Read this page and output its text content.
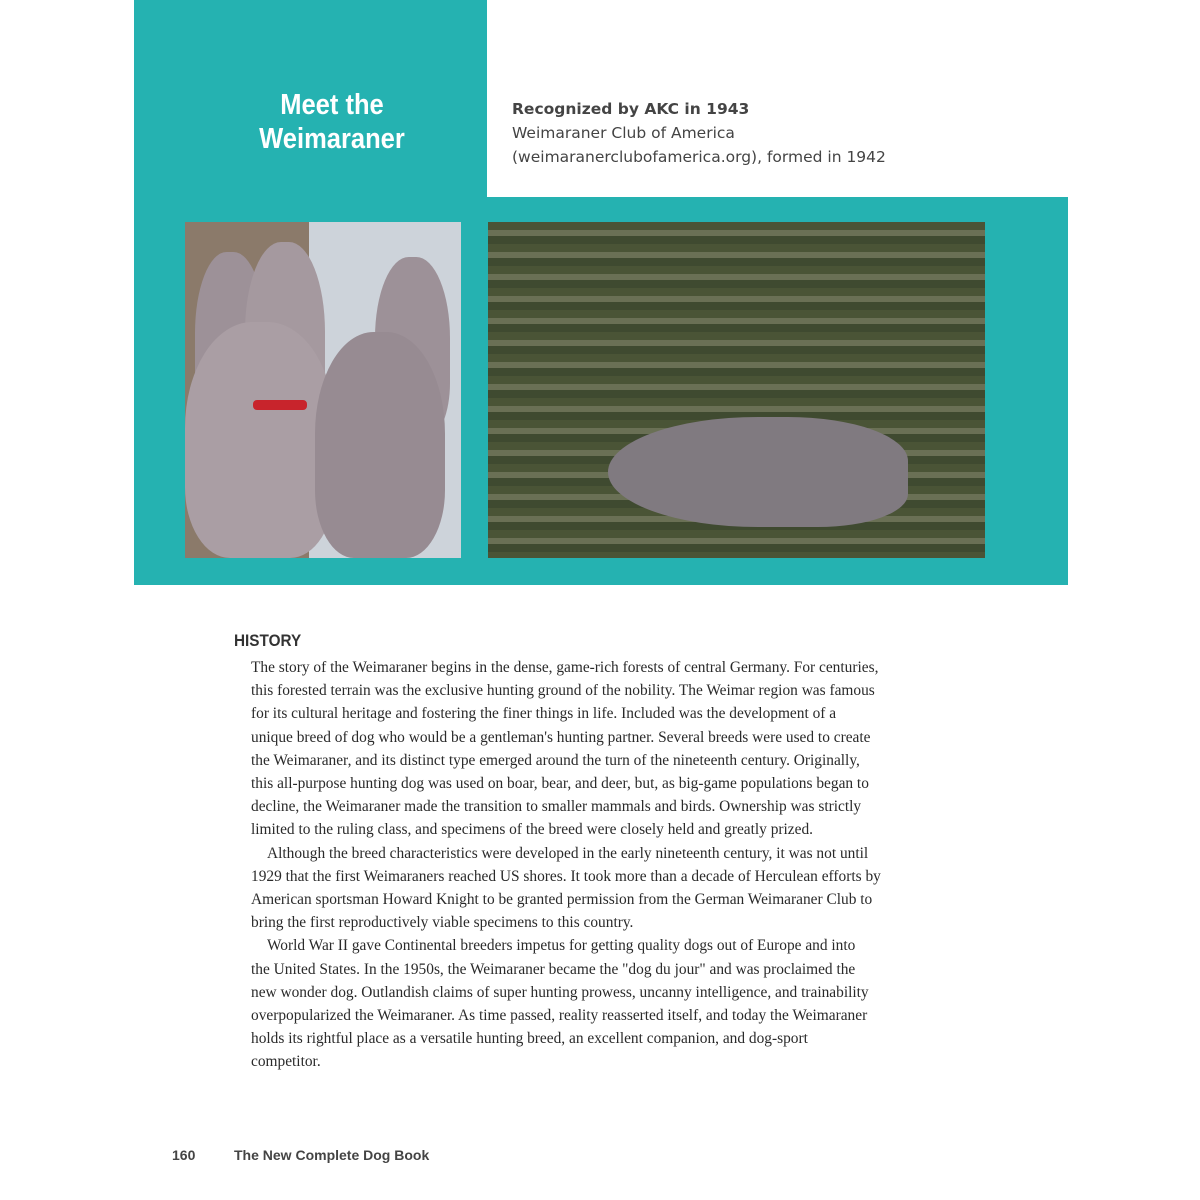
Meet the
Weimaraner
Recognized by AKC in 1943
Weimaraner Club of America
(weimaranerclubofamerica.org), formed in 1942
HISTORY
The story of the Weimaraner begins in the dense, game-rich forests of central Germany. For centuries,
this forested terrain was the exclusive hunting ground of the nobility. The Weimar region was famous
for its cultural heritage and fostering the finer things in life. Included was the development of a
unique breed of dog who would be a gentleman's hunting partner. Several breeds were used to create
the Weimaraner, and its distinct type emerged around the turn of the nineteenth century. Originally,
this all-purpose hunting dog was used on boar, bear, and deer, but, as big-game populations began to
decline, the Weimaraner made the transition to smaller mammals and birds. Ownership was strictly
limited to the ruling class, and specimens of the breed were closely held and greatly prized.
Although the breed characteristics were developed in the early nineteenth century, it was not until
1929 that the first Weimaraners reached US shores. It took more than a decade of Herculean efforts by
American sportsman Howard Knight to be granted permission from the German Weimaraner Club to
bring the first reproductively viable specimens to this country.
World War II gave Continental breeders impetus for getting quality dogs out of Europe and into
the United States. In the 1950s, the Weimaraner became the "dog du jour" and was proclaimed the
new wonder dog. Outlandish claims of super hunting prowess, uncanny intelligence, and trainability
overpopularized the Weimaraner. As time passed, reality reasserted itself, and today the Weimaraner
holds its rightful place as a versatile hunting breed, an excellent companion, and dog-sport
competitor.
160	The New Complete Dog Book
